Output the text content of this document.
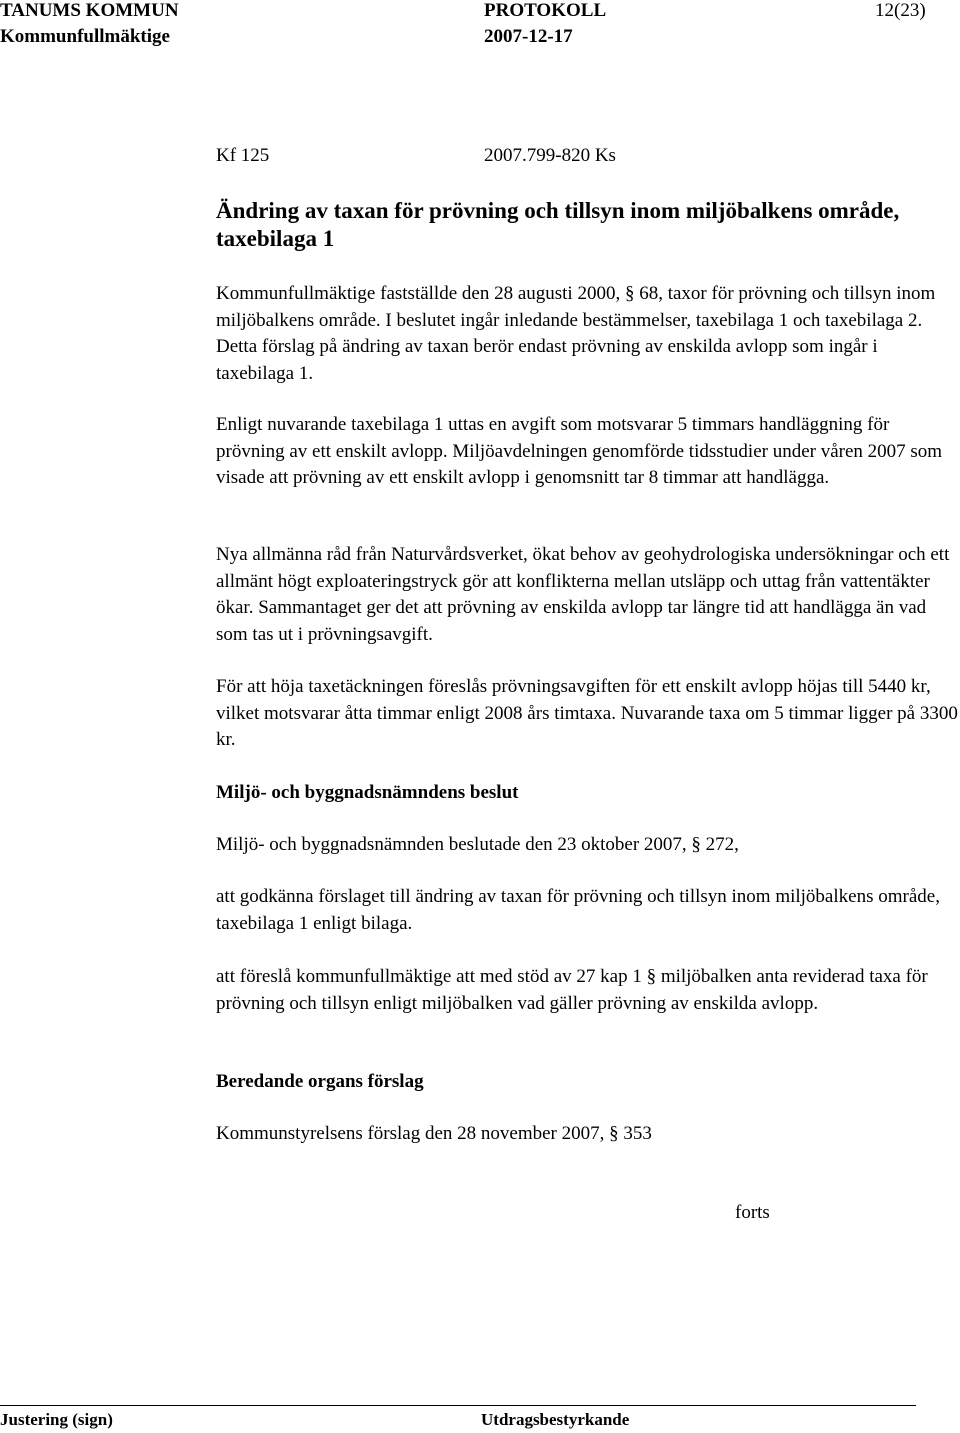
TANUMS KOMMUN	PROTOKOLL	12(23)
Kommunfullmäktige	2007-12-17
Kf 125	2007.799-820 Ks
Ändring av taxan för prövning och tillsyn inom miljöbalkens område, taxebilaga 1

Kommunfullmäktige fastställde den 28 augusti 2000, § 68, taxor för prövning och tillsyn inom miljöbalkens område. I beslutet ingår inledande bestämmelser, taxebilaga 1 och taxebilaga 2. Detta förslag på ändring av taxan berör endast prövning av enskilda avlopp som ingår i taxebilaga 1.

Enligt nuvarande taxebilaga 1 uttas en avgift som motsvarar 5 timmars handläggning för prövning av ett enskilt avlopp. Miljöavdelningen genomförde tidsstudier under våren 2007 som visade att prövning av ett enskilt avlopp i genomsnitt tar 8 timmar att handlägga.

Nya allmänna råd från Naturvårdsverket, ökat behov av geohydrologiska undersökningar och ett allmänt högt exploateringstryck gör att konflikterna mellan utsläpp och uttag från vattentäkter ökar. Sammantaget ger det att prövning av enskilda avlopp tar längre tid att handlägga än vad som tas ut i prövningsavgift.

För att höja taxetäckningen föreslås prövningsavgiften för ett enskilt avlopp höjas till 5440 kr, vilket motsvarar åtta timmar enligt 2008 års timtaxa. Nuvarande taxa om 5 timmar ligger på 3300 kr.

Miljö- och byggnadsnämndens beslut

Miljö- och byggnadsnämnden beslutade den 23 oktober 2007, § 272,

att godkänna förslaget till ändring av taxan för prövning och tillsyn inom miljöbalkens område, taxebilaga 1 enligt bilaga.

att föreslå kommunfullmäktige att med stöd av 27 kap 1 § miljöbalken anta reviderad taxa för prövning och tillsyn enligt miljöbalken vad gäller prövning av enskilda avlopp.

Beredande organs förslag

Kommunstyrelsens förslag den 28 november 2007, § 353

forts
Justering (sign)	Utdragsbestyrkande
